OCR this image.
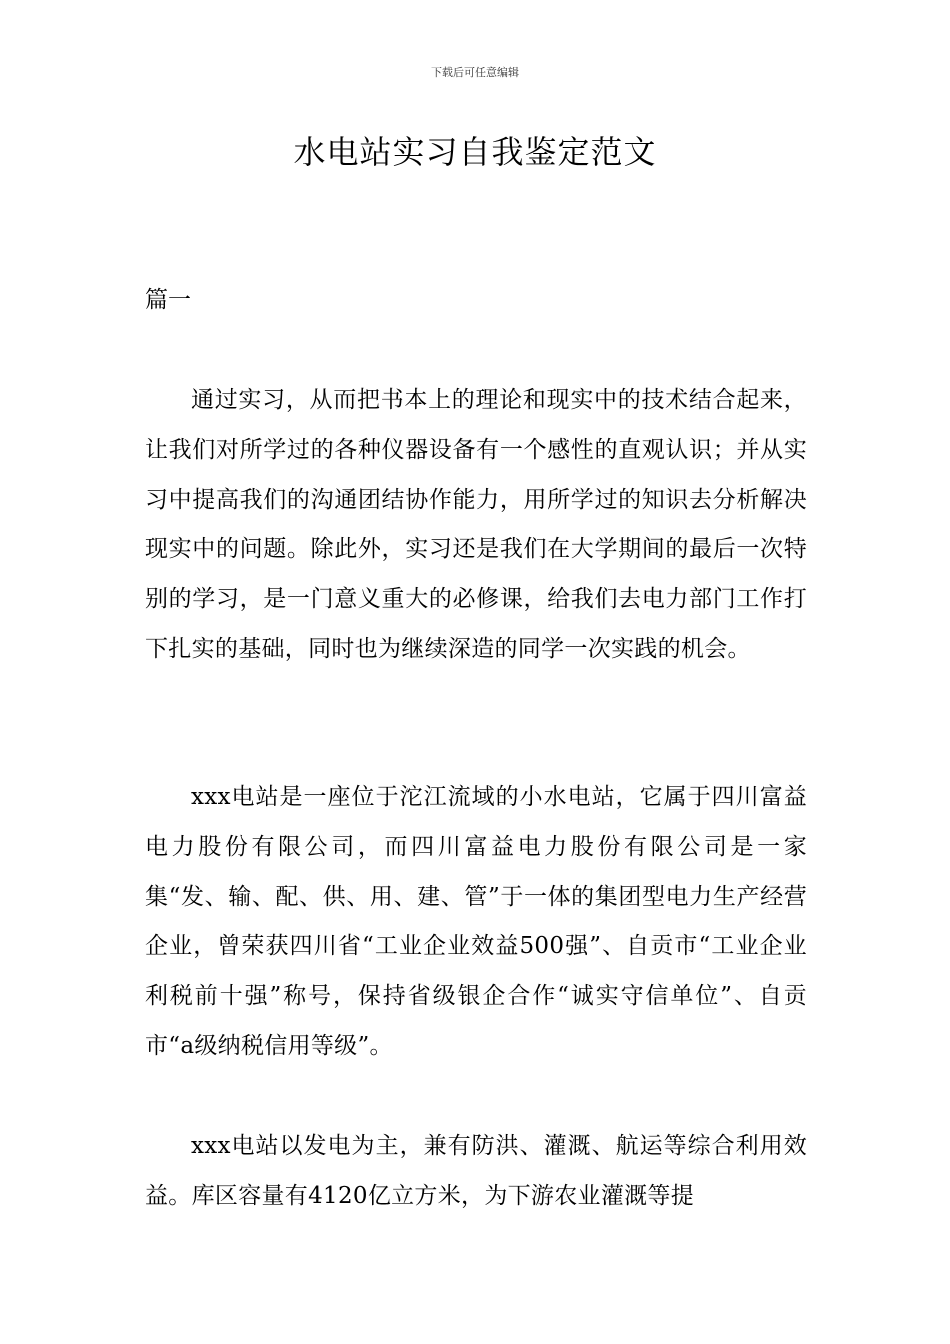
下载后可任意编辑
水电站实习自我鉴定范文

篇一

通过实习，从而把书本上的理论和现实中的技术结合起来，让我们对所学过的各种仪器设备有一个感性的直观认识；并从实习中提高我们的沟通团结协作能力，用所学过的知识去分析解决现实中的问题。除此外，实习还是我们在大学期间的最后一次特别的学习，是一门意义重大的必修课，给我们去电力部门工作打下扎实的基础，同时也为继续深造的同学一次实践的机会。

xxx电站是一座位于沱江流域的小水电站，它属于四川富益电力股份有限公司，而四川富益电力股份有限公司是一家集“发、输、配、供、用、建、管”于一体的集团型电力生产经营企业，曾荣获四川省“工业企业效益500强”、自贡市“工业企业利税前十强”称号，保持省级银企合作“诚实守信单位”、自贡市“a级纳税信用等级”。

xxx电站以发电为主，兼有防洪、灌溉、航运等综合利用效益。库区容量有4120亿立方米，为下游农业灌溉等提
